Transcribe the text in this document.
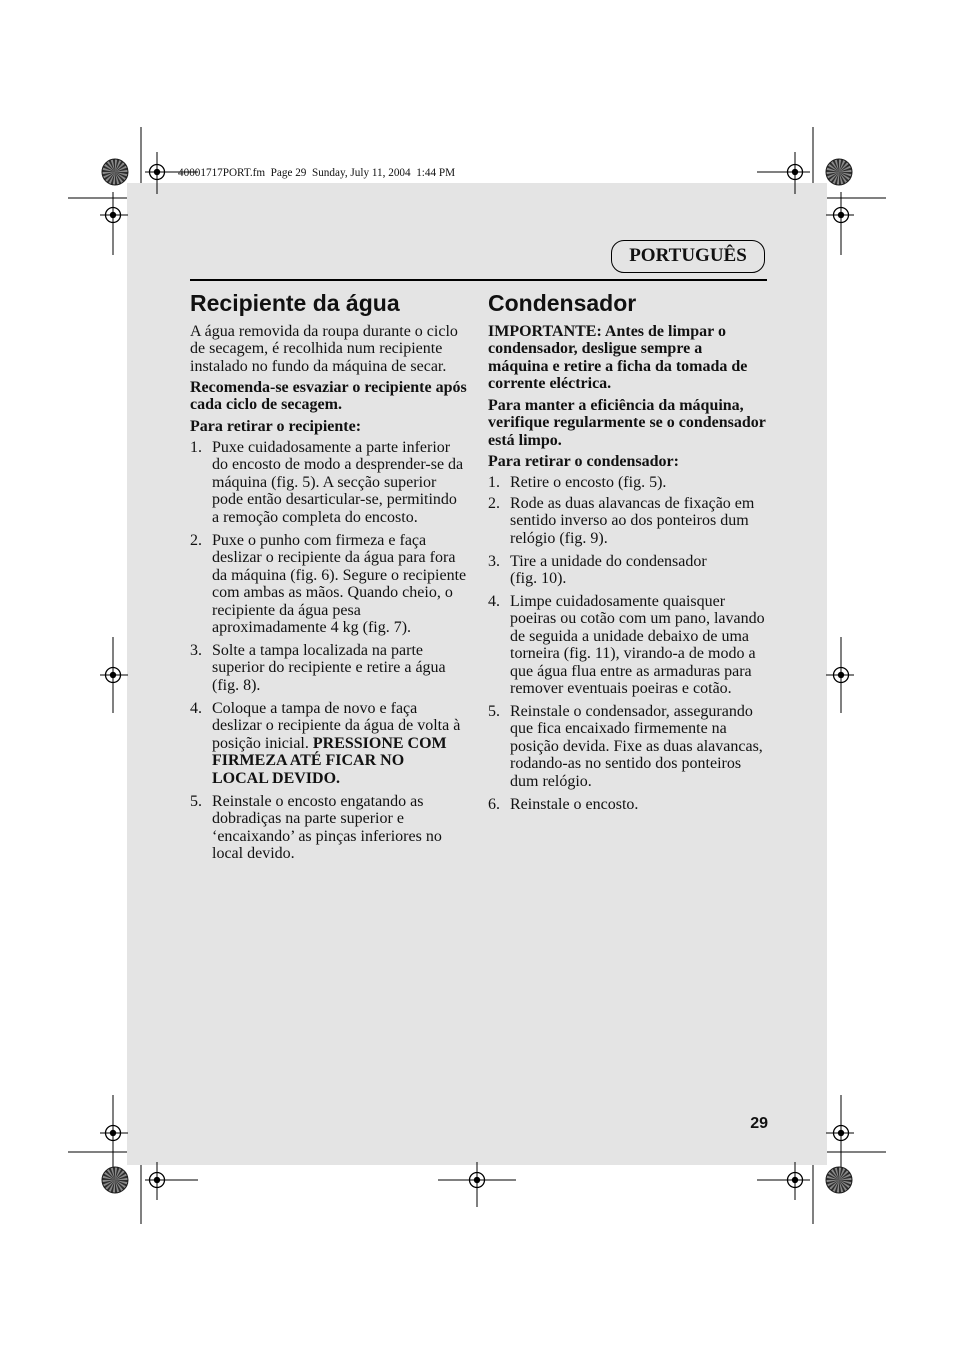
40001717PORT.fm  Page 29  Sunday, July 11, 2004  1:44 PM
PORTUGUÊS
Recipiente da água
A água removida da roupa durante o ciclo
de secagem, é recolhida num recipiente
instalado no fundo da máquina de secar.
Recomenda-se esvaziar o recipiente após
cada ciclo de secagem.
Para retirar o recipiente:
1. Puxe cuidadosamente a parte inferior
do encosto de modo a desprender-se da
máquina (fig. 5). A secção superior
pode então desarticular-se, permitindo
a remoção completa do encosto.
2. Puxe o punho com firmeza e faça
deslizar o recipiente da água para fora
da máquina (fig. 6). Segure o recipiente
com ambas as mãos. Quando cheio, o
recipiente da água pesa
aproximadamente 4 kg (fig. 7).
3. Solte a tampa localizada na parte
superior do recipiente e retire a água
(fig. 8).
4. Coloque a tampa de novo e faça
deslizar o recipiente da água de volta à
posição inicial. PRESSIONE COM
FIRMEZA ATÉ FICAR NO
LOCAL DEVIDO.
5. Reinstale o encosto engatando as
dobradiças na parte superior e
‘encaixando’ as pinças inferiores no
local devido.
Condensador
IMPORTANTE: Antes de limpar o
condensador, desligue sempre a
máquina e retire a ficha da tomada de
corrente eléctrica.
Para manter a eficiência da máquina,
verifique regularmente se o condensador
está limpo.
Para retirar o condensador:
1. Retire o encosto (fig. 5).
2. Rode as duas alavancas de fixação em
sentido inverso ao dos ponteiros dum
relógio (fig. 9).
3. Tire a unidade do condensador
(fig. 10).
4. Limpe cuidadosamente quaisquer
poeiras ou cotão com um pano, lavando
de seguida a unidade debaixo de uma
torneira (fig. 11), virando-a de modo a
que água flua entre as armaduras para
remover eventuais poeiras e cotão.
5. Reinstale o condensador, assegurando
que fica encaixado firmemente na
posição devida. Fixe as duas alavancas,
rodando-as no sentido dos ponteiros
dum relógio.
6. Reinstale o encosto.
29
